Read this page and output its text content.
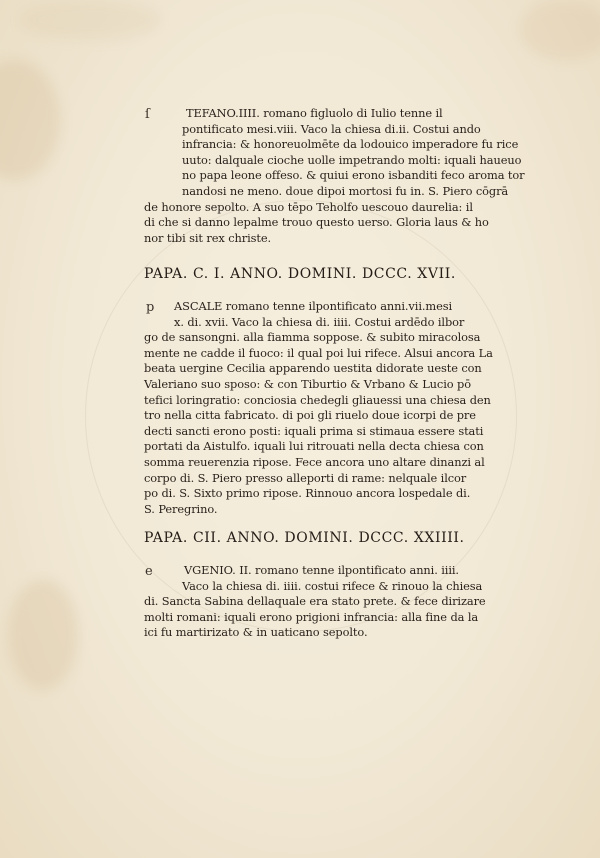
ſ	TEFANO.IIII. romano figluolo di Iulio tenne il
pontificato mesi.viii. Vaco la chiesa di.ii. Costui ando
infrancia: & honoreuolmēte da lodouico imperadore fu rice
uuto: dalquale cioche uolle impetrando molti: iquali haueuo
no papa leone offeso. & quiui erono isbanditi feco aroma tor
nandosi ne meno. doue dipoi mortosi fu in. S. Piero cōgrā
de honore sepolto. A suo tēpo Teholfo uescouo daurelia: il
di che si danno lepalme trouo questo uerso. Gloria laus & ho
nor tibi sit rex christe.
PAPA. C. I. ANNO. DOMINI. DCCC. XVII.
p	ASCALE romano tenne ilpontificato anni.vii.mesi
x. di. xvii. Vaco la chiesa di. iiii. Costui ardēdo ilbor
go de sansongni. alla fiamma soppose. & subito miracolosa
mente ne cadde il fuoco: il qual poi lui rifece. Alsui ancora La
beata uergine Cecilia apparendo uestita didorate ueste con
Valeriano suo sposo: & con Tiburtio & Vrbano & Lucio pō
tefici loringratio: conciosia chedegli gliauessi una chiesa den
tro nella citta fabricato. di poi gli riuelo doue icorpi de pre
decti sancti erono posti: iquali prima si stimaua essere stati
portati da Aistulfo. iquali lui ritrouati nella decta chiesa con
somma reuerenzia ripose. Fece ancora uno altare dinanzi al
corpo di. S. Piero presso alleporti di rame: nelquale ilcor
po di. S. Sixto primo ripose. Rinnouo ancora lospedale di.
S. Peregrino.
PAPA. CII. ANNO. DOMINI. DCCC. XXIIII.
e	VGENIO. II. romano tenne ilpontificato anni. iiii.
Vaco la chiesa di. iiii. costui rifece & rinouo la chiesa
di. Sancta Sabina dellaquale era stato prete. & fece dirizare
molti romani: iquali erono prigioni infrancia: alla fine da la
ici fu martirizato & in uaticano sepolto.
